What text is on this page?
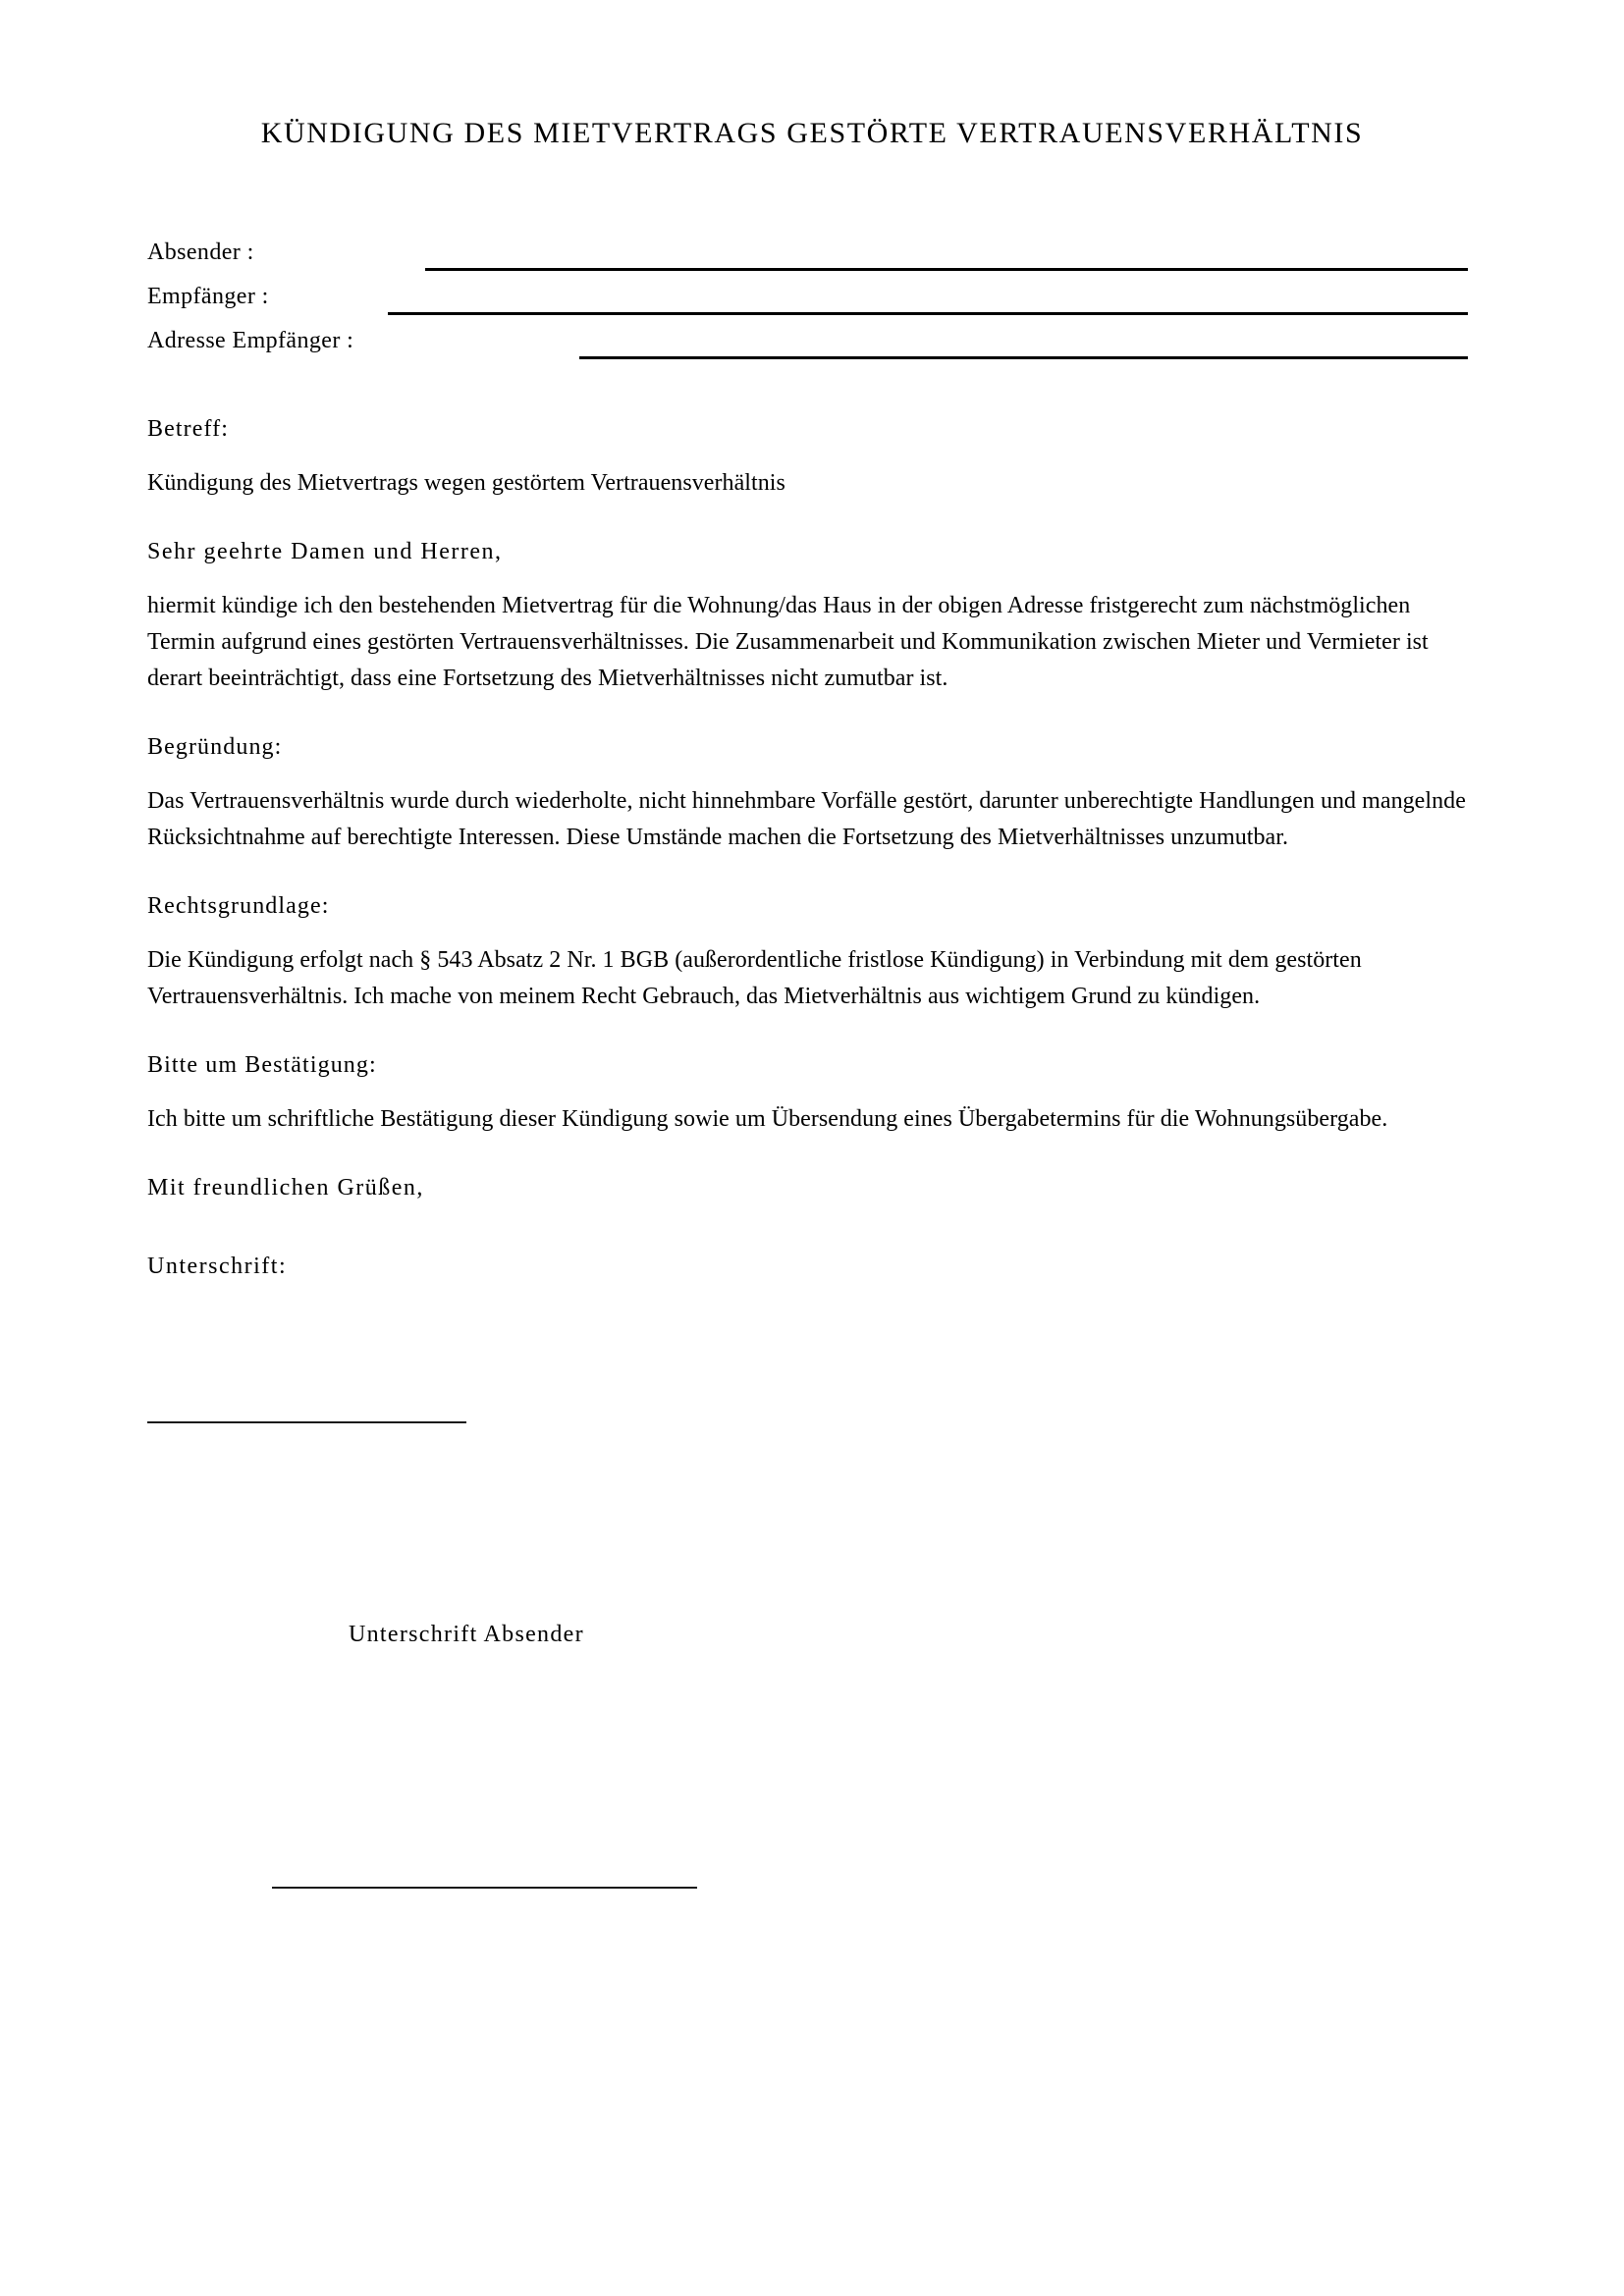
KÜNDIGUNG DES MIETVERTRAGS GESTÖRTE VERTRAUENSVERHÄLTNIS
Absender :
Empfänger :
Adresse Empfänger :

Betreff:

Kündigung des Mietvertrags wegen gestörtem Vertrauensverhältnis

Sehr geehrte Damen und Herren,

hiermit kündige ich den bestehenden Mietvertrag für die Wohnung/das Haus in der obigen Adresse fristgerecht zum nächstmöglichen Termin aufgrund eines gestörten Vertrauensverhältnisses. Die Zusammenarbeit und Kommunikation zwischen Mieter und Vermieter ist derart beeinträchtigt, dass eine Fortsetzung des Mietverhältnisses nicht zumutbar ist.

Begründung:

Das Vertrauensverhältnis wurde durch wiederholte, nicht hinnehmbare Vorfälle gestört, darunter unberechtigte Handlungen und mangelnde Rücksichtnahme auf berechtigte Interessen. Diese Umstände machen die Fortsetzung des Mietverhältnisses unzumutbar.

Rechtsgrundlage:

Die Kündigung erfolgt nach § 543 Absatz 2 Nr. 1 BGB (außerordentliche fristlose Kündigung) in Verbindung mit dem gestörten Vertrauensverhältnis. Ich mache von meinem Recht Gebrauch, das Mietverhältnis aus wichtigem Grund zu kündigen.

Bitte um Bestätigung:

Ich bitte um schriftliche Bestätigung dieser Kündigung sowie um Übersendung eines Übergabetermins für die Wohnungsübergabe.

Mit freundlichen Grüßen,

Unterschrift:

Unterschrift Absender
